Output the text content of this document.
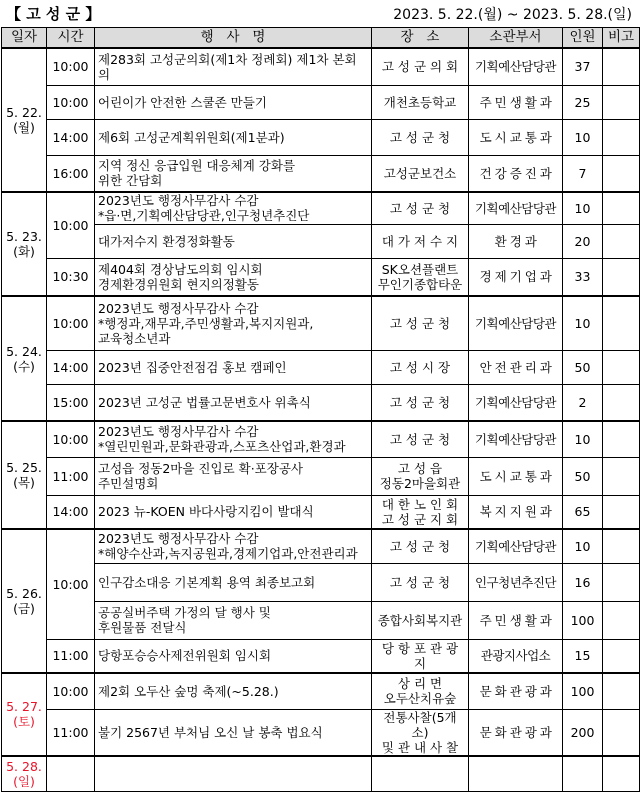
【 고 성 군 】	2023. 5. 22.(월) ~ 2023. 5. 28.(일)
일자	시간	행   사   명	장   소	소관부서	인원	비고
5. 22.
(월)	10:00	제283회 고성군의회(제1차 정례회) 제1차 본회의	고 성 군 의 회	기획예산담당관	37	
	10:00	어린이가 안전한 스쿨존 만들기	개천초등학교	주 민 생 활 과	25	
	14:00	제6회 고성군계획위원회(제1분과)	고 성 군 청	도 시 교 통 과	10	
	16:00	지역 정신 응급입원 대응체계 강화를
위한 간담회	고성군보건소	건 강 증 진 과	7	
5. 23.
(화)	10:00	2023년도 행정사무감사 수감
*읍·면,기획예산담당관,인구청년추진단	고 성 군 청	기획예산담당관	10	
		대가저수지 환경정화활동	대 가 저 수 지	환 경 과	20	
	10:30	제404회 경상남도의회 임시회
경제환경위원회 현지의정활동	SK오션플랜트
무인기종합타운	경 제 기 업 과	33	
5. 24.
(수)	10:00	2023년도 행정사무감사 수감
*행정과,재무과,주민생활과,복지지원과,
교육청소년과	고 성 군 청	기획예산담당관	10	
	14:00	2023년 집중안전점검 홍보 캠페인	고 성 시 장	안 전 관 리 과	50	
	15:00	2023년 고성군 법률고문변호사 위촉식	고 성 군 청	기획예산담당관	2	
5. 25.
(목)	10:00	2023년도 행정사무감사 수감
*열린민원과,문화관광과,스포츠산업과,환경과	고 성 군 청	기획예산담당관	10	
	11:00	고성읍 정동2마을 진입로 확·포장공사
주민설명회	고 성 읍
정동2마을회관	도 시 교 통 과	50	
	14:00	2023 뉴-KOEN 바다사랑지킴이 발대식	대 한 노 인 회
고 성 군 지 회	복 지 지 원 과	65	
5. 26.
(금)	10:00	2023년도 행정사무감사 수감
*해양수산과,녹지공원과,경제기업과,안전관리과	고 성 군 청	기획예산담당관	10	
		인구감소대응 기본계획 용역 최종보고회	고 성 군 청	인구청년추진단	16	
		공공실버주택 가정의 달 행사 및
후원물품 전달식	종합사회복지관	주 민 생 활 과	100	
	11:00	당항포승승사제전위원회 임시회	당 항 포 관 광 지	관광지사업소	15	
5. 27.
(토)	10:00	제2회 오두산 숲멍 축제(~5.28.)	상 리 면
오두산치유숲	문 화 관 광 과	100	
	11:00	불기 2567년 부처님 오신 날 봉축 법요식	전통사찰(5개소)
및 관 내 사 찰	문 화 관 광 과	200	
5. 28.
(일)						
